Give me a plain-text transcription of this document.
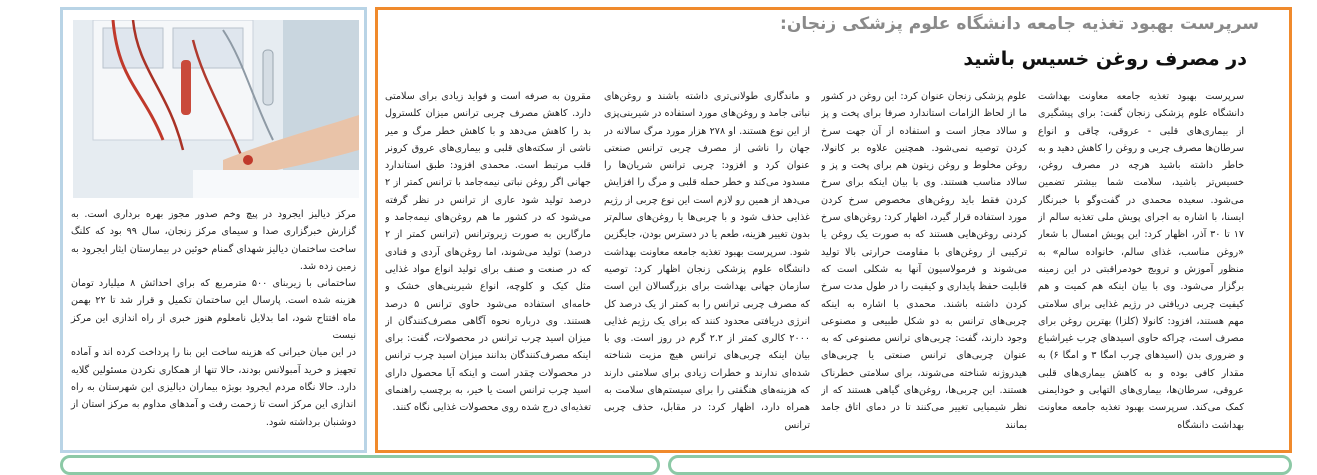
مرکز دیالیز ایجرود در پیچ وخم صدور مجوز بهره برداری است. به گزارش خبرگزاری صدا و سیمای مرکز زنجان، سال ۹۹ بود که کلنگ ساخت ساختمان دیالیز شهدای گمنام خوئین در بیمارستان ایثار ایجرود به زمین زده شد.

ساختمانی با زیربنای ۵۰۰ مترمربع که برای احداثش ۸ میلیارد تومان هزینه شده است. پارسال این ساختمان تکمیل و قرار شد تا ۲۲ بهمن ماه افتتاح شود، اما بدلایل نامعلوم هنوز خبری از راه اندازی این مرکز نیست

در این میان خیرانی که هزینه ساخت این بنا را پرداخت کرده اند و آماده تجهیز و خرید آمبولانس بودند، حالا تنها از همکاری نکردن مسئولین گلایه دارد. حالا نگاه مردم ایجرود بویژه بیماران دیالیزی این شهرستان به راه اندازی این مرکز است تا زحمت رفت و آمدهای مداوم به مرکز استان از دوشنبان برداشته شود.

سرپرست بهبود تغذیه جامعه دانشگاه علوم پزشکی زنجان:
در مصرف روغن خسیس باشید

سرپرست بهبود تغذیه جامعه معاونت بهداشت دانشگاه علوم پزشکی زنجان گفت: برای پیشگیری از بیماری‌های قلبی - عروقی، چاقی و انواع سرطان‌ها مصرف چربی و روغن را کاهش دهید و به خاطر داشته باشید هرچه در مصرف روغن، خسیس‌تر باشید، سلامت شما بیشتر تضمین می‌شود. سعیده محمدی در گفت‌وگو با خبرنگار ایسنا، با اشاره به اجرای پویش ملی تغذیه سالم از ۱۷ تا ۳۰ آذر، اظهار کرد: این پویش امسال با شعار «روغن مناسب، غذای سالم، خانواده سالم» به منظور آموزش و ترویج خودمراقبتی در این زمینه برگزار می‌شود. وی با بیان اینکه هم کمیت و هم کیفیت چربی دریافتی در رژیم غذایی برای سلامتی مهم هستند، افزود: کانولا (کلزا) بهترین روغن برای مصرف است، چراکه حاوی اسیدهای چرب غیراشباع و ضروری بدن (اسیدهای چرب امگا ۳ و امگا ۶) به مقدار کافی بوده و به کاهش بیماری‌های قلبی عروقی، سرطان‌ها، بیماری‌های التهابی و خودایمنی کمک می‌کند. سرپرست بهبود تغذیه جامعه معاونت بهداشت دانشگاه

علوم پزشکی زنجان عنوان کرد: این روغن در کشور ما از لحاظ الزامات استاندارد صرفا برای پخت و پز و سالاد مجاز است و استفاده از آن جهت سرخ کردن توصیه نمی‌شود. همچنین علاوه بر کانولا، روغن مخلوط و روغن زیتون هم برای پخت و پز و سالاد مناسب هستند. وی با بیان اینکه برای سرخ کردن فقط باید روغن‌های مخصوص سرخ کردن مورد استفاده قرار گیرد، اظهار کرد: روغن‌های سرخ کردنی روغن‌هایی هستند که به صورت یک روغن یا ترکیبی از روغن‌های با مقاومت حرارتی بالا تولید می‌شوند و فرمولاسیون آنها به شکلی است که قابلیت حفظ پایداری و کیفیت را در طول مدت سرخ کردن داشته باشند. محمدی با اشاره به اینکه چربی‌های ترانس به دو شکل طبیعی و مصنوعی وجود دارند، گفت: چربی‌های ترانس مصنوعی که به عنوان چربی‌های ترانس صنعتی یا چربی‌های هیدروژنه شناخته می‌شوند، برای سلامتی خطرناک هستند. این چربی‌ها، روغن‌های گیاهی هستند که از نظر شیمیایی تغییر می‌کنند تا در دمای اتاق جامد بمانند

و ماندگاری طولانی‌تری داشته باشند و روغن‌های نباتی جامد و روغن‌های مورد استفاده در شیرینی‌پزی از این نوع هستند. او ۲۷۸ هزار مورد مرگ سالانه در جهان را ناشی از مصرف چربی ترانس صنعتی عنوان کرد و افزود: چربی ترانس شریان‌ها را مسدود می‌کند و خطر حمله قلبی و مرگ را افزایش می‌دهد از همین رو لازم است این نوع چربی از رژیم غذایی حذف شود و با چربی‌ها یا روغن‌های سالم‌تر بدون تغییر هزینه، طعم یا در دسترس بودن، جایگزین شود. سرپرست بهبود تغذیه جامعه معاونت بهداشت دانشگاه علوم پزشکی زنجان اظهار کرد: توصیه سازمان جهانی بهداشت برای بزرگسالان این است که مصرف چربی ترانس را به کمتر از یک درصد کل انرژی دریافتی محدود کنند که برای یک رژیم غذایی ۲۰۰۰ کالری کمتر از ۲.۲ گرم در روز است. وی با بیان اینکه چربی‌های ترانس هیچ مزیت شناخته شده‌ای ندارند و خطرات زیادی برای سلامتی دارند که هزینه‌های هنگفتی را برای سیستم‌های سلامت به همراه دارد، اظهار کرد: در مقابل، حذف چربی ترانس

مقرون به صرفه است و فواید زیادی برای سلامتی دارد. کاهش مصرف چربی ترانس میزان کلسترول بد را کاهش می‌دهد و با کاهش خطر مرگ و میر ناشی از سکته‌های قلبی و بیماری‌های عروق کرونر قلب مرتبط است. محمدی افزود: طبق استاندارد جهانی اگر روغن نباتی نیمه‌جامد با ترانس کمتر از ۲ درصد تولید شود عاری از ترانس در نظر گرفته می‌شود که در کشور ما هم روغن‌های نیمه‌جامد و مارگارین به صورت زیروترانس (ترانس کمتر از ۲ درصد) تولید می‌شوند، اما روغن‌های آردی و قنادی که در صنعت و صنف برای تولید انواع مواد غذایی مثل کیک و کلوچه، انواع شیرینی‌های خشک و خامه‌ای استفاده می‌شود حاوی ترانس ۵ درصد هستند. وی درباره نحوه آگاهی مصرف‌کنندگان از میزان اسید چرب ترانس در محصولات، گفت: برای اینکه مصرف‌کنندگان بدانند میزان اسید چرب ترانس در محصولات چقدر است و اینکه آیا محصول دارای اسید چرب ترانس است یا خیر، به برچسب راهنمای تغذیه‌ای درج شده روی محصولات غذایی نگاه کنند.
